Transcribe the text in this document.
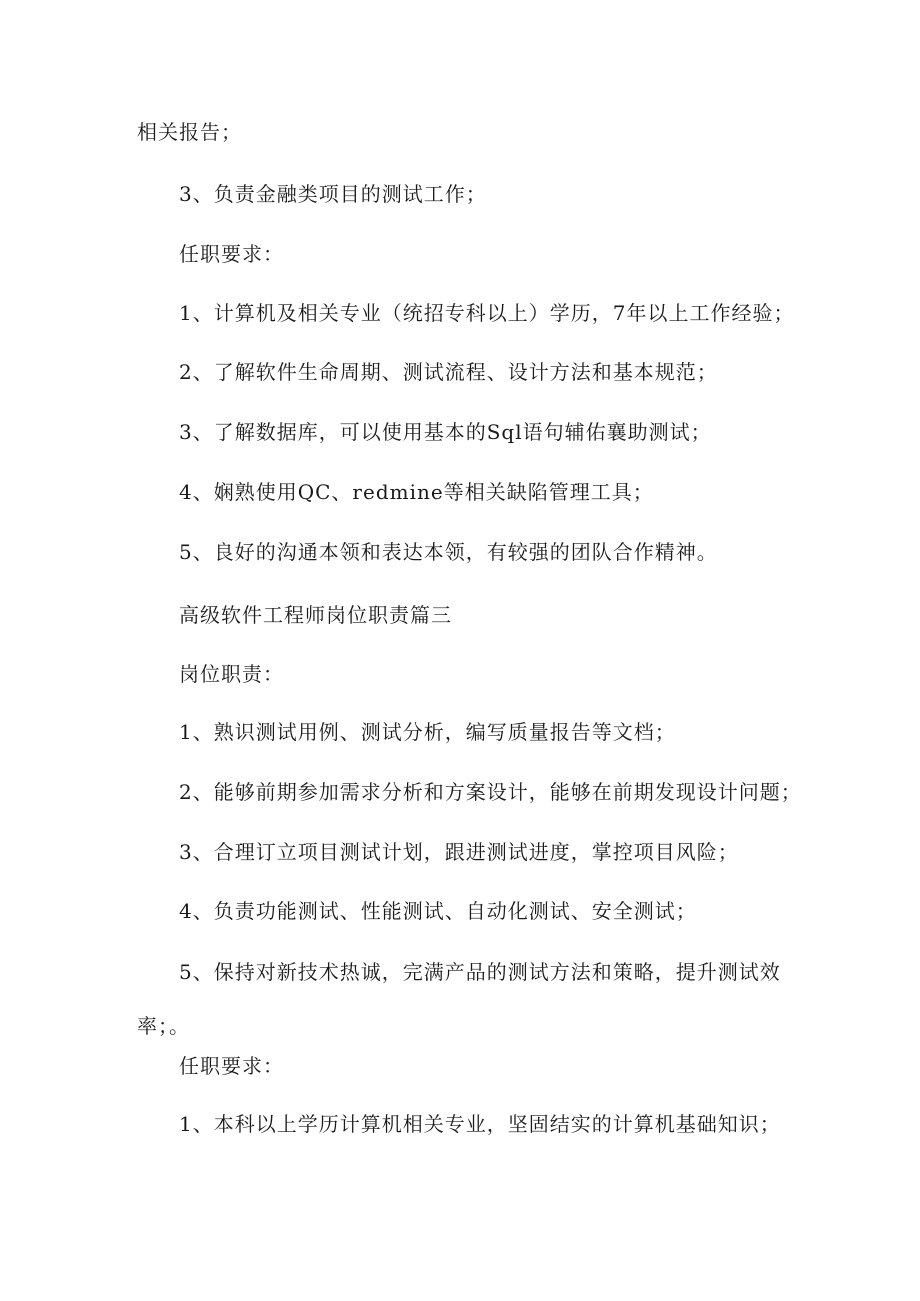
相关报告；

3、负责金融类项目的测试工作；

任职要求：

1、计算机及相关专业（统招专科以上）学历，7年以上工作经验；

2、了解软件生命周期、测试流程、设计方法和基本规范；

3、了解数据库，可以使用基本的Sql语句辅佑襄助测试；

4、娴熟使用QC、redmine等相关缺陷管理工具；

5、良好的沟通本领和表达本领，有较强的团队合作精神。

高级软件工程师岗位职责篇三

岗位职责：

1、熟识测试用例、测试分析，编写质量报告等文档；

2、能够前期参加需求分析和方案设计，能够在前期发现设计问题；

3、合理订立项目测试计划，跟进测试进度，掌控项目风险；

4、负责功能测试、性能测试、自动化测试、安全测试；

5、保持对新技术热诚，完满产品的测试方法和策略，提升测试效

率；。

任职要求：

1、本科以上学历计算机相关专业，坚固结实的计算机基础知识；
